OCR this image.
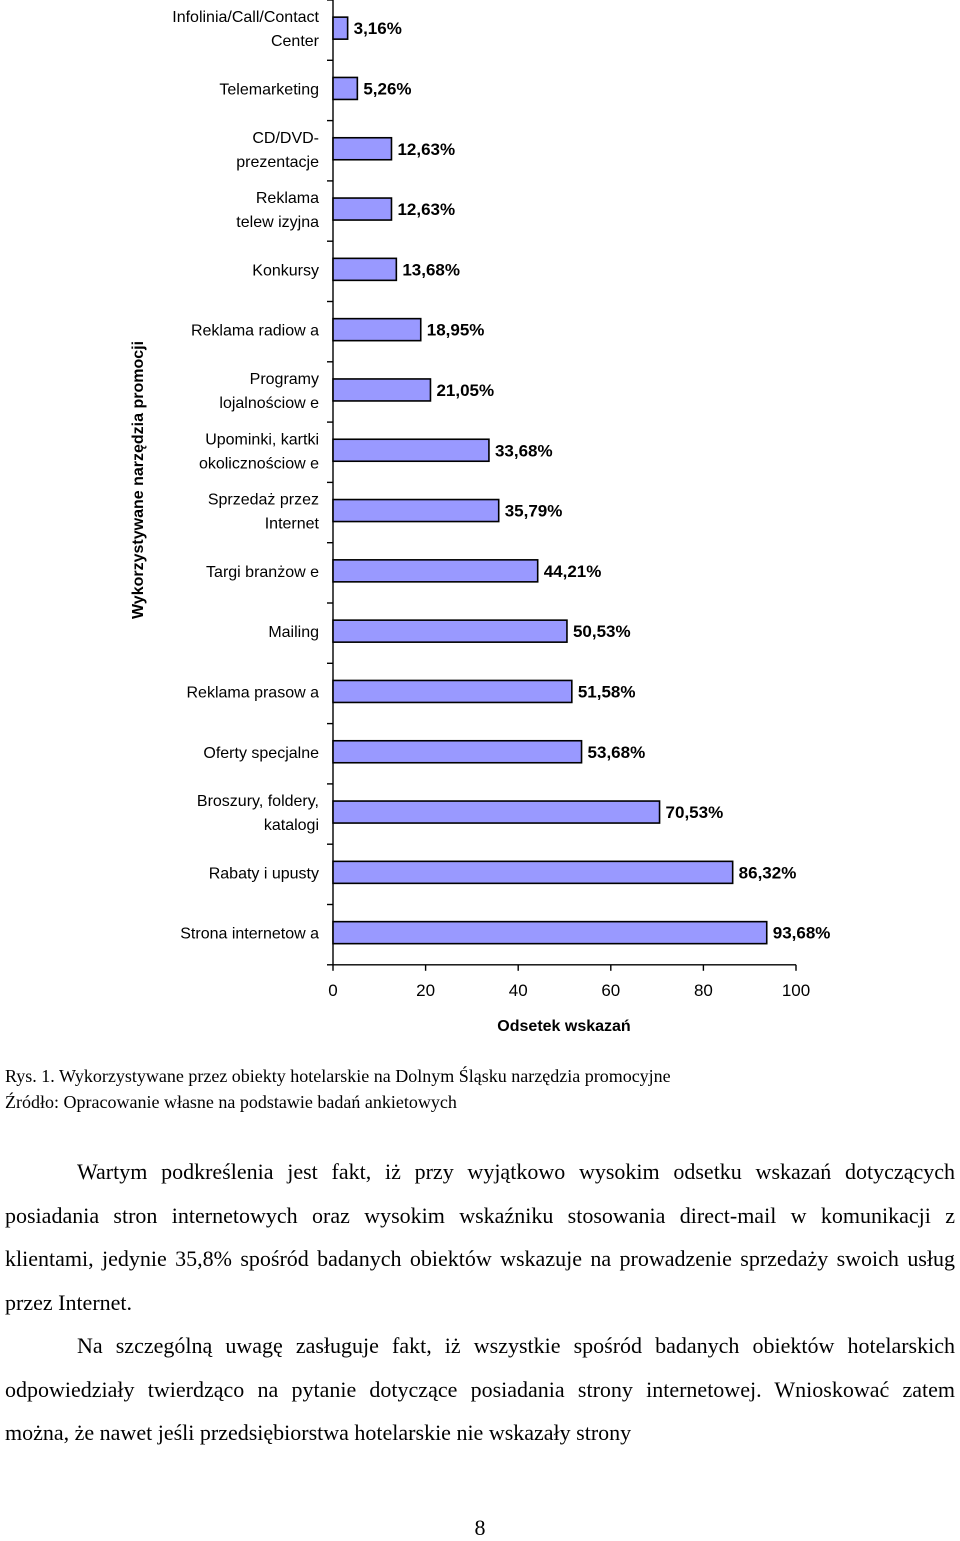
Infolinia/Call/Contact Center
Telemarketing
CD/DVD-prezentacje
Reklama telew izyjna
Konkursy
Reklama radiow a
Programy lojalnościow e
Upominki, kartki okolicznościow e
Sprzedaż przez Internet
Targi branżow e
Mailing
Reklama prasow a
Oferty specjalne
Broszury, foldery, katalogi
Rabaty i upusty
Strona internetow a
3,16%
5,26%
12,63%
12,63%
13,68%
18,95%
21,05%
33,68%
35,79%
44,21%
50,53%
51,58%
53,68%
70,53%
86,32%
93,68%
0	20	40	60	80	100
Wykorzystywane narzędzia promocji
Odsetek wskazań
Rys. 1. Wykorzystywane przez obiekty hotelarskie na Dolnym Śląsku narzędzia promocyjne
Źródło: Opracowanie własne na podstawie badań ankietowych

Wartym podkreślenia jest fakt, iż przy wyjątkowo wysokim odsetku wskazań dotyczących posiadania stron internetowych oraz wysokim wskaźniku stosowania direct-mail w komunikacji z klientami, jedynie 35,8% spośród badanych obiektów wskazuje na prowadzenie sprzedaży swoich usług przez Internet.

Na szczególną uwagę zasługuje fakt, iż wszystkie spośród badanych obiektów hotelarskich odpowiedziały twierdząco na pytanie dotyczące posiadania strony internetowej. Wnioskować zatem można, że nawet jeśli przedsiębiorstwa hotelarskie nie wskazały strony

8
